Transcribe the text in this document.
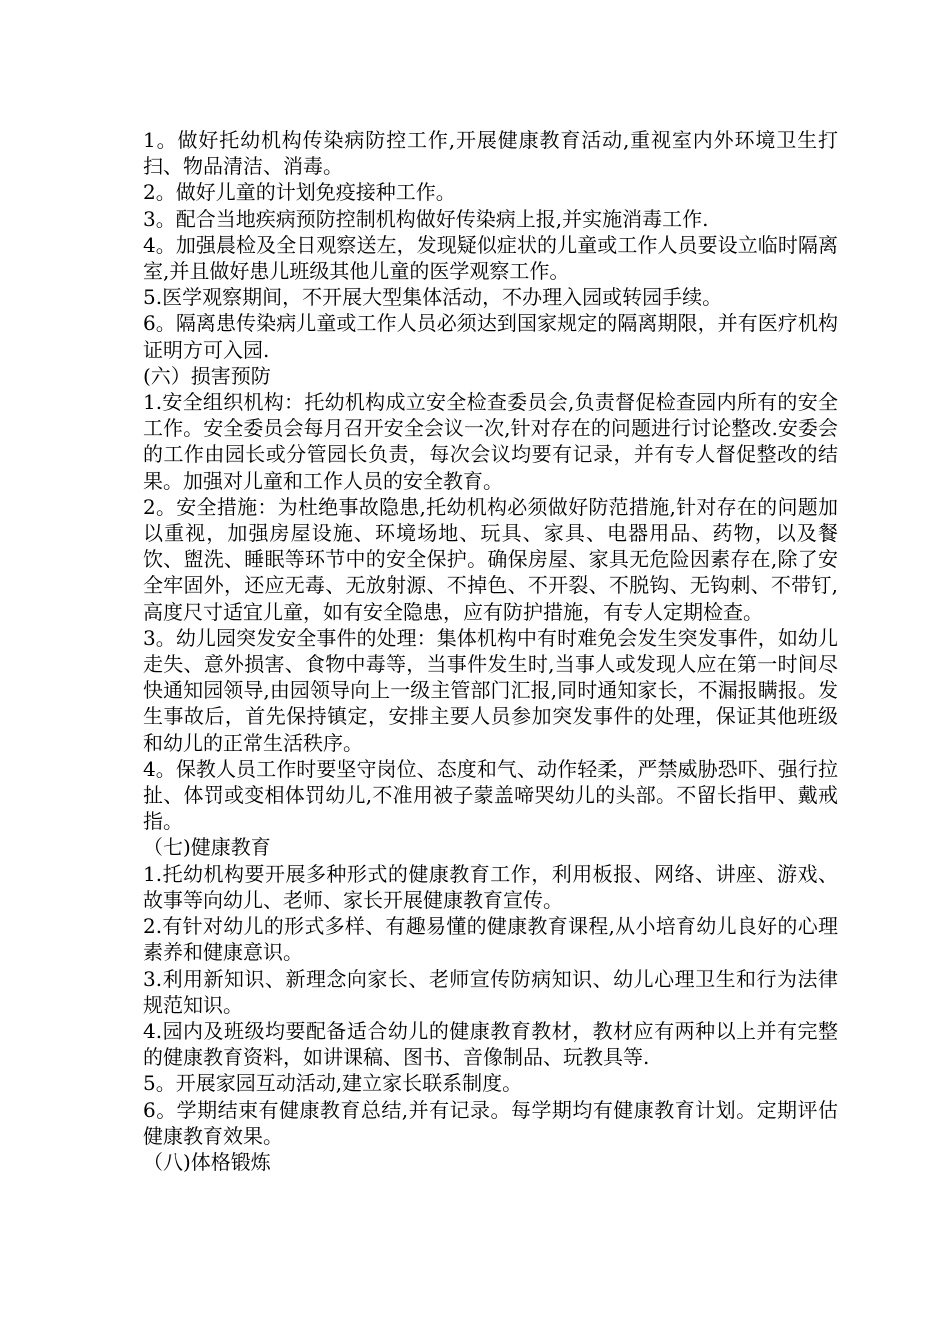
1。做好托幼机构传染病防控工作,开展健康教育活动,重视室内外环境卫生打扫、物品清洁、消毒。

2。做好儿童的计划免疫接种工作。

3。配合当地疾病预防控制机构做好传染病上报,并实施消毒工作.

4。加强晨检及全日观察送左，发现疑似症状的儿童或工作人员要设立临时隔离室,并且做好患儿班级其他儿童的医学观察工作。

5.医学观察期间，不开展大型集体活动，不办理入园或转园手续。

6。隔离患传染病儿童或工作人员必须达到国家规定的隔离期限，并有医疗机构证明方可入园.

(六）损害预防

1.安全组织机构：托幼机构成立安全检查委员会,负责督促检查园内所有的安全工作。安全委员会每月召开安全会议一次,针对存在的问题进行讨论整改.安委会的工作由园长或分管园长负责，每次会议均要有记录，并有专人督促整改的结果。加强对儿童和工作人员的安全教育。

2。安全措施：为杜绝事故隐患,托幼机构必须做好防范措施,针对存在的问题加以重视，加强房屋设施、环境场地、玩具、家具、电器用品、药物，以及餐饮、盥洗、睡眠等环节中的安全保护。确保房屋、家具无危险因素存在,除了安全牢固外，还应无毒、无放射源、不掉色、不开裂、不脱钩、无钩刺、不带钉,高度尺寸适宜儿童，如有安全隐患，应有防护措施，有专人定期检查。

3。幼儿园突发安全事件的处理：集体机构中有时难免会发生突发事件，如幼儿走失、意外损害、食物中毒等，当事件发生时,当事人或发现人应在第一时间尽快通知园领导,由园领导向上一级主管部门汇报,同时通知家长，不漏报瞒报。发生事故后，首先保持镇定，安排主要人员参加突发事件的处理，保证其他班级和幼儿的正常生活秩序。

4。保教人员工作时要坚守岗位、态度和气、动作轻柔，严禁威胁恐吓、强行拉扯、体罚或变相体罚幼儿,不准用被子蒙盖啼哭幼儿的头部。不留长指甲、戴戒指。

（七)健康教育

1.托幼机构要开展多种形式的健康教育工作，利用板报、网络、讲座、游戏、故事等向幼儿、老师、家长开展健康教育宣传。

2.有针对幼儿的形式多样、有趣易懂的健康教育课程,从小培育幼儿良好的心理素养和健康意识。

3.利用新知识、新理念向家长、老师宣传防病知识、幼儿心理卫生和行为法律规范知识。

4.园内及班级均要配备适合幼儿的健康教育教材，教材应有两种以上并有完整的健康教育资料，如讲课稿、图书、音像制品、玩教具等.

5。开展家园互动活动,建立家长联系制度。

6。学期结束有健康教育总结,并有记录。每学期均有健康教育计划。定期评估健康教育效果。

（八)体格锻炼
